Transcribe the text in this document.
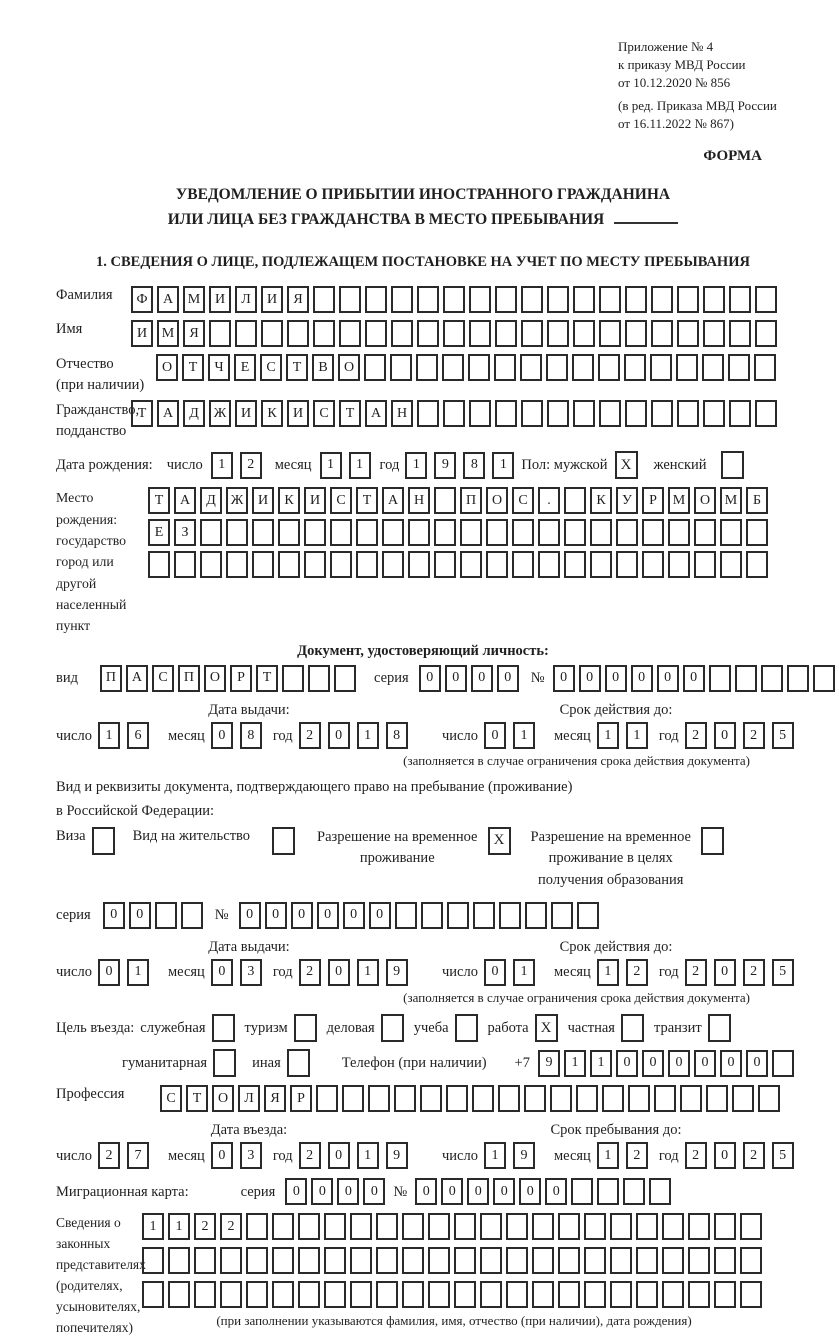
Приложение № 4
к приказу МВД России
от 10.12.2020 № 856
(в ред. Приказа МВД России
от 16.11.2022 № 867)
ФОРМА
УВЕДОМЛЕНИЕ О ПРИБЫТИИ ИНОСТРАННОГО ГРАЖДАНИНА
ИЛИ ЛИЦА БЕЗ ГРАЖДАНСТВА В МЕСТО ПРЕБЫВАНИЯ
1. СВЕДЕНИЯ О ЛИЦЕ, ПОДЛЕЖАЩЕМ ПОСТАНОВКЕ НА УЧЕТ ПО МЕСТУ ПРЕБЫВАНИЯ
Фамилия	Ф	А	М	И	Л	И	Я
Имя	И	М	Я
Отчество
(при наличии)
О	Т	Ч	Е	С	Т	В	О
Гражданство,
подданство
Т	А	Д	Ж	И	К	И	С	Т	А	Н
Дата рождения: число	1	2	месяц	1	1	год 1	9	8	1	Пол: мужской X	женский
Место рождения:
государство
город или другой
населенный пункт
Т	А	Д	Ж	И	К	И	С	Т	А	Н	П	О	С	.	К	У	Р	М	О	М	Б
Е	З
Документ, удостоверяющий личность:
вид	П	А	С	П	О	Р	Т	серия	0	0	0	0	№	0	0	0	0	0	0
Дата выдачи:	Срок действия до:
число 1	6	месяц 0	8	год 2	0	1	8	число 0	1	месяц 1	1	год 2	0	2	5
(заполняется в случае ограничения срока действия документа)
Вид и реквизиты документа, подтверждающего право на пребывание (проживание)
в Российской Федерации:
Виза	Вид на жительство	Разрешение на временное
проживание
X	Разрешение на временное
проживание в целях
получения образования
серия	0	0	№	0	0	0	0	0	0
Дата выдачи:	Срок действия до:
число 0	1	месяц 0	3	год 2	0	1	9	число 0	1	месяц 1	2	год 2	0	2	5
(заполняется в случае ограничения срока действия документа)
Цель въезда: служебная	туризм	деловая	учеба	работа X	частная	транзит
гуманитарная	иная	Телефон (при наличии) +7	9	1	1	0	0	0	0	0	0
Профессия	С	Т	О	Л	Я	Р
Дата въезда:	Срок пребывания до:
число 2	7	месяц 0	3	год 2	0	1	9	число 1	9	месяц 1	2	год 2	0	2	5
Миграционная карта:	серия	0	0	0	0	№	0	0	0	0	0	0
Сведения о
законных
представителях
(родителях,
усыновителях,
попечителях)
1	1	2	2
(при заполнении указываются фамилия, имя, отчество (при наличии), дата рождения)
